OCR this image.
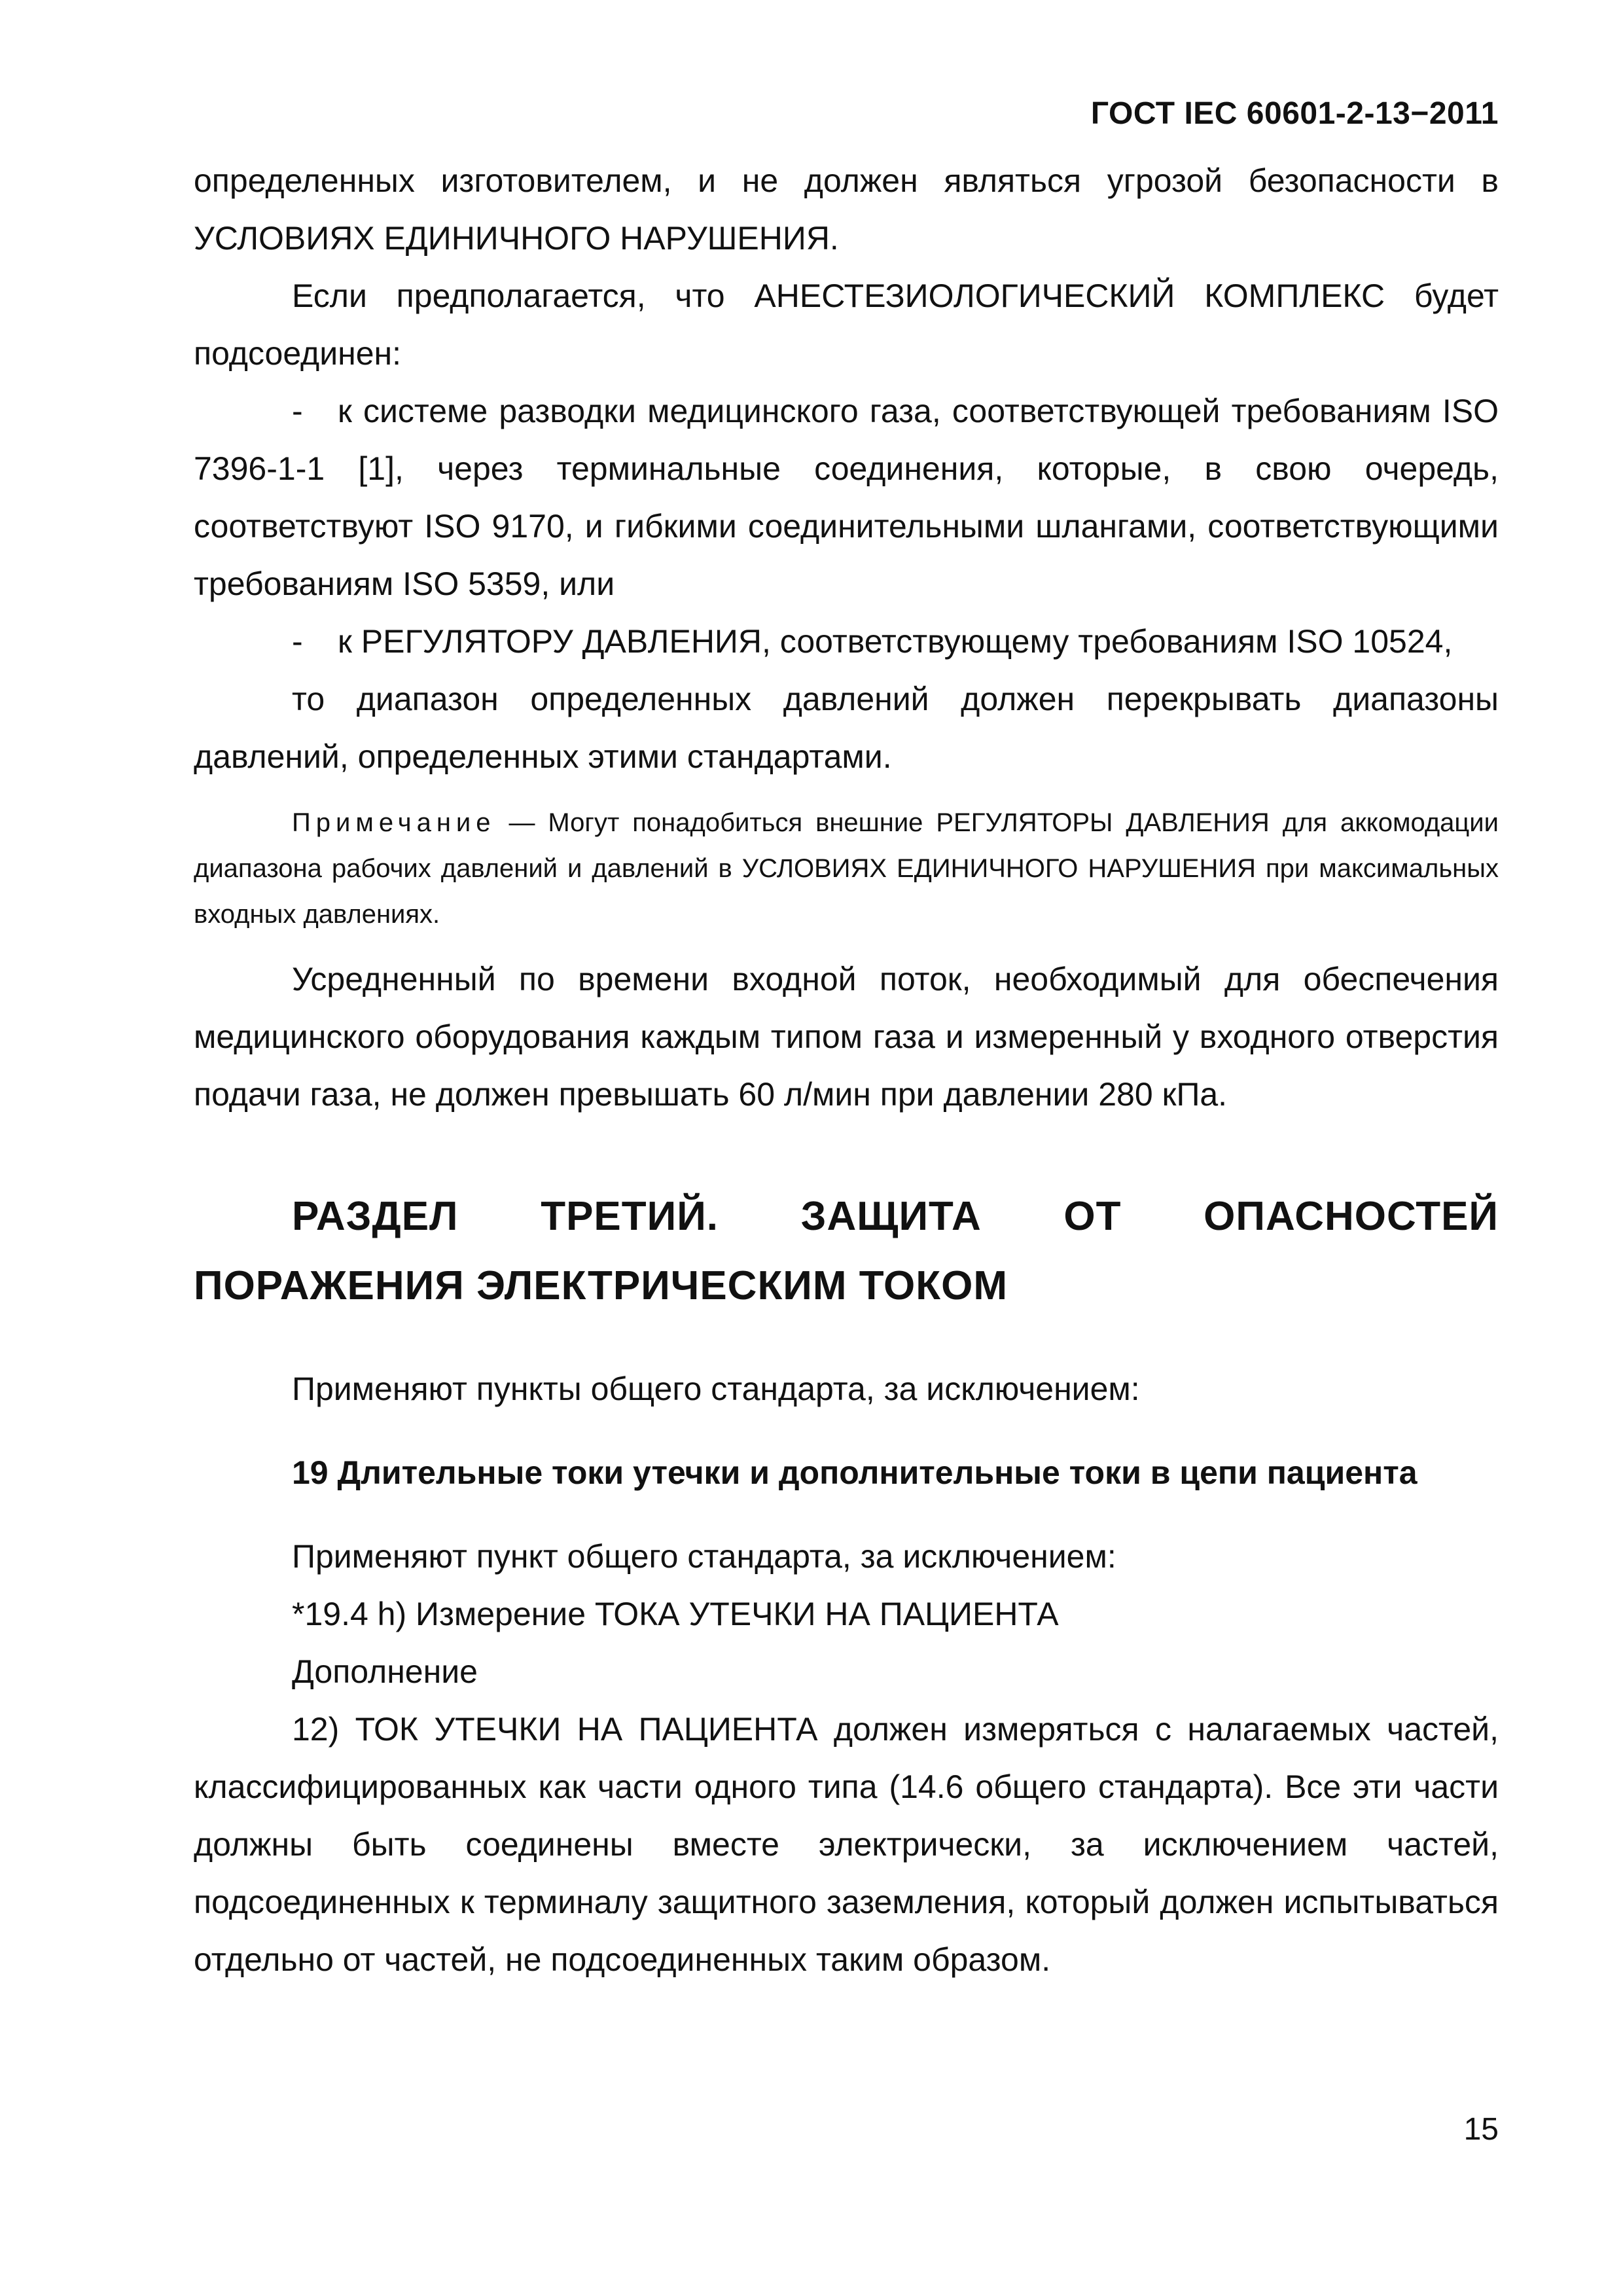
ГОСТ IEC 60601-2-13−2011

определенных изготовителем, и не должен являться угрозой безопасности в УСЛОВИЯХ ЕДИНИЧНОГО НАРУШЕНИЯ.

Если предполагается, что АНЕСТЕЗИОЛОГИЧЕСКИЙ КОМПЛЕКС будет подсоединен:

- к системе разводки медицинского газа, соответствующей требованиям ISO 7396-1-1 [1], через терминальные соединения, которые, в свою очередь, соответствуют ISO 9170, и гибкими соединительными шлангами, соответствующими требованиям ISO 5359, или

- к РЕГУЛЯТОРУ ДАВЛЕНИЯ, соответствующему требованиям ISO 10524,

то диапазон определенных давлений должен перекрывать диапазоны давлений, определенных этими стандартами.

Примечание — Могут понадобиться внешние РЕГУЛЯТОРЫ ДАВЛЕНИЯ для аккомодации диапазона рабочих давлений и давлений в УСЛОВИЯХ ЕДИНИЧНОГО НАРУШЕНИЯ при максимальных входных давлениях.

Усредненный по времени входной поток, необходимый для обеспечения медицинского оборудования каждым типом газа и измеренный у входного отверстия подачи газа, не должен превышать 60 л/мин при давлении 280 кПа.

РАЗДЕЛ ТРЕТИЙ. ЗАЩИТА ОТ ОПАСНОСТЕЙ ПОРАЖЕНИЯ ЭЛЕКТРИЧЕСКИМ ТОКОМ

Применяют пункты общего стандарта, за исключением:

19 Длительные токи утечки и дополнительные токи в цепи пациента

Применяют пункт общего стандарта, за исключением:

*19.4 h) Измерение ТОКА УТЕЧКИ НА ПАЦИЕНТА

Дополнение

12) ТОК УТЕЧКИ НА ПАЦИЕНТА должен измеряться с налагаемых частей, классифицированных как части одного типа (14.6 общего стандарта). Все эти части должны быть соединены вместе электрически, за исключением частей, подсоединенных к терминалу защитного заземления, который должен испытываться отдельно от частей, не подсоединенных таким образом.

15
